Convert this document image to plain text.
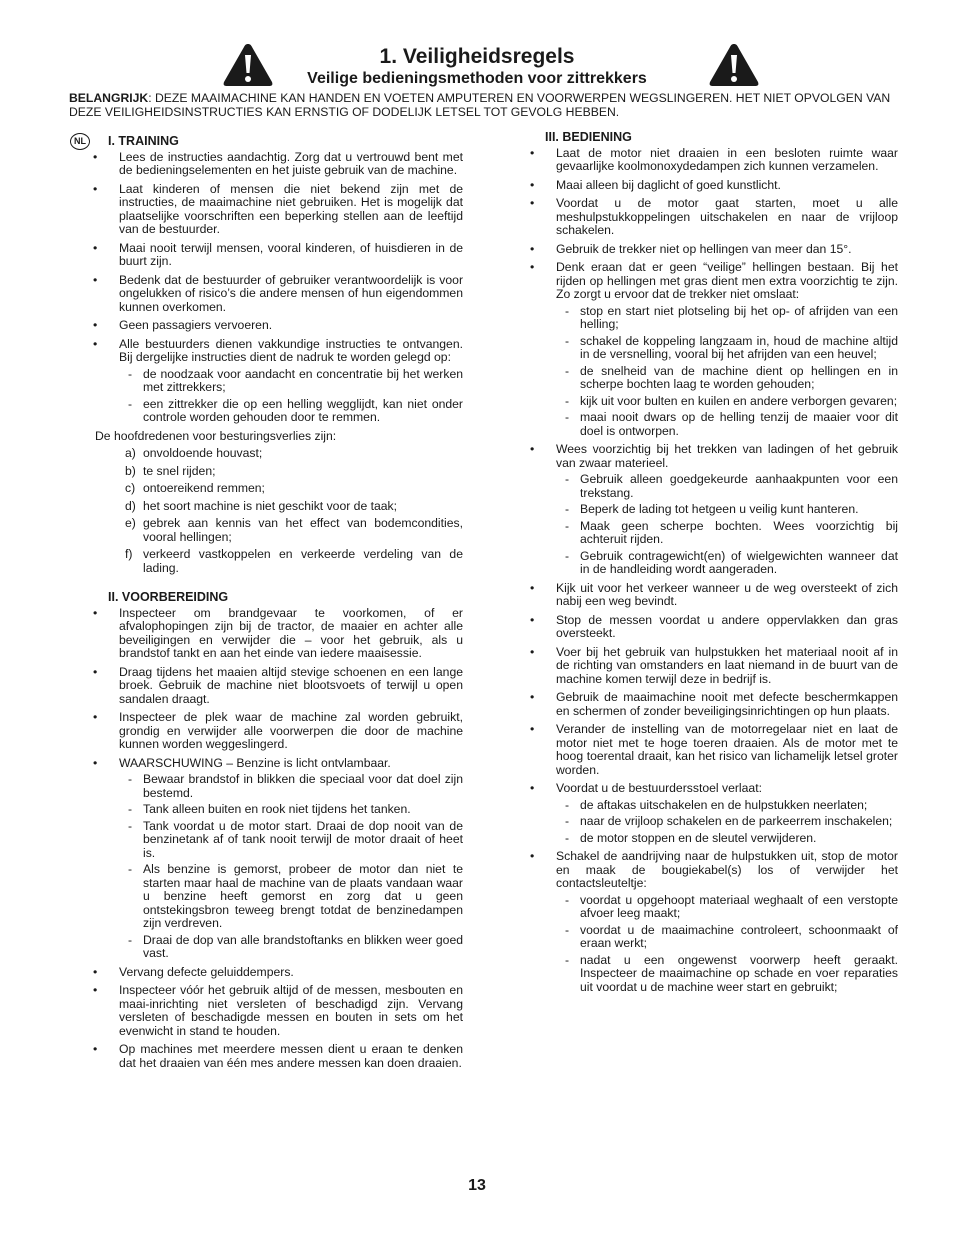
1. Veiligheidsregels
Veilige bedieningsmethoden voor zittrekkers

BELANGRIJK: DEZE MAAIMACHINE KAN HANDEN EN VOETEN AMPUTEREN EN VOORWERPEN WEGSLINGEREN. HET NIET OPVOLGEN VAN DEZE VEILIGHEIDSINSTRUCTIES KAN ERNSTIG OF DODELIJK LETSEL TOT GEVOLG HEBBEN.

NL	I. TRAINING
• Lees de instructies aandachtig. Zorg dat u vertrouwd bent met de bedieningselementen en het juiste gebruik van de machine.
• Laat kinderen of mensen die niet bekend zijn met de instructies, de maaimachine niet gebruiken. Het is mogelijk dat plaatselijke voorschriften een beperking stellen aan de leeftijd van de bestuurder.
• Maai nooit terwijl mensen, vooral kinderen, of huisdieren in de buurt zijn.
• Bedenk dat de bestuurder of gebruiker verantwoordelijk is voor ongelukken of risico’s die andere mensen of hun eigendommen kunnen overkomen.
• Geen passagiers vervoeren.
• Alle bestuurders dienen vakkundige instructies te ontvangen. Bij dergelijke instructies dient de nadruk te worden gelegd op:
- de noodzaak voor aandacht en concentratie bij het werken met zittrekkers;
- een zittrekker die op een helling wegglijdt, kan niet onder controle worden gehouden door te remmen.

De hoofdredenen voor besturingsverlies zijn:

a) onvoldoende houvast;
b) te snel rijden;
c) ontoereikend remmen;
d) het soort machine is niet geschikt voor de taak;
e) gebrek aan kennis van het effect van bodemcondities, vooral hellingen;
f) verkeerd vastkoppelen en verkeerde verdeling van de lading.
II. VOORBEREIDING
• Inspecteer om brandgevaar te voorkomen, of er afvalophopingen zijn bij de tractor, de maaier en achter alle beveiligingen en verwijder die – voor het gebruik, als u brandstof tankt en aan het einde van iedere maaisessie.
• Draag tijdens het maaien altijd stevige schoenen en een lange broek. Gebruik de machine niet blootsvoets of terwijl u open sandalen draagt.
• Inspecteer de plek waar de machine zal worden gebruikt, grondig en verwijder alle voorwerpen die door de machine kunnen worden weggeslingerd.
• WAARSCHUWING – Benzine is licht ontvlambaar.
- Bewaar brandstof in blikken die speciaal voor dat doel zijn bestemd.
- Tank alleen buiten en rook niet tijdens het tanken.
- Tank voordat u de motor start. Draai de dop nooit van de benzinetank af of tank nooit terwijl de motor draait of heet is.
- Als benzine is gemorst, probeer de motor dan niet te starten maar haal de machine van de plaats vandaan waar u benzine heeft gemorst en zorg dat u geen ontstekingsbron teweeg brengt totdat de benzinedampen zijn verdreven.
- Draai de dop van alle brandstoftanks en blikken weer goed vast.
• Vervang defecte geluiddempers.
• Inspecteer vóór het gebruik altijd of de messen, mesbouten en maai-inrichting niet versleten of beschadigd zijn. Vervang versleten of beschadigde messen en bouten in sets om het evenwicht in stand te houden.
• Op machines met meerdere messen dient u eraan te denken dat het draaien van één mes andere messen kan doen draaien.
III. BEDIENING
• Laat de motor niet draaien in een besloten ruimte waar gevaarlijke koolmonoxydedampen zich kunnen verzamelen.
• Maai alleen bij daglicht of goed kunstlicht.
• Voordat u de motor gaat starten, moet u alle meshulpstukkoppelingen uitschakelen en naar de vrijloop schakelen.
• Gebruik de trekker niet op hellingen van meer dan 15°.
• Denk eraan dat er geen “veilige” hellingen bestaan. Bij het rijden op hellingen met gras dient men extra voorzichtig te zijn. Zo zorgt u ervoor dat de trekker niet omslaat:
- stop en start niet plotseling bij het op- of afrijden van een helling;
- schakel de koppeling langzaam in, houd de machine altijd in de versnelling, vooral bij het afrijden van een heuvel;
- de snelheid van de machine dient op hellingen en in scherpe bochten laag te worden gehouden;
- kijk uit voor bulten en kuilen en andere verborgen gevaren;
- maai nooit dwars op de helling tenzij de maaier voor dit doel is ontworpen.
• Wees voorzichtig bij het trekken van ladingen of het gebruik van zwaar materieel.
- Gebruik alleen goedgekeurde aanhaakpunten voor een trekstang.
- Beperk de lading tot hetgeen u veilig kunt hanteren.
- Maak geen scherpe bochten. Wees voorzichtig bij achteruit rijden.
- Gebruik contragewicht(en) of wielgewichten wanneer dat in de handleiding wordt aangeraden.
• Kijk uit voor het verkeer wanneer u de weg oversteekt of zich nabij een weg bevindt.
• Stop de messen voordat u andere oppervlakken dan gras oversteekt.
• Voer bij het gebruik van hulpstukken het materiaal nooit af in de richting van omstanders en laat niemand in de buurt van de machine komen terwijl deze in bedrijf is.
• Gebruik de maaimachine nooit met defecte beschermkappen en schermen of zonder beveiligingsinrichtingen op hun plaats.
• Verander de instelling van de motorregelaar niet en laat de motor niet met te hoge toeren draaien. Als de motor met te hoog toerental draait, kan het risico van lichamelijk letsel groter worden.
• Voordat u de bestuurdersstoel verlaat:
- de aftakas uitschakelen en de hulpstukken neerlaten;
- naar de vrijloop schakelen en de parkeerrem inschakelen;
- de motor stoppen en de sleutel verwijderen.
• Schakel de aandrijving naar de hulpstukken uit, stop de motor en maak de bougiekabel(s) los of verwijder het contactsleuteltje:
- voordat u opgehoopt materiaal weghaalt of een verstopte afvoer leeg maakt;
- voordat u de maaimachine controleert, schoonmaakt of eraan werkt;
- nadat u een ongewenst voorwerp heeft geraakt. Inspecteer de maaimachine op schade en voer reparaties uit voordat u de machine weer start en gebruikt;
13
